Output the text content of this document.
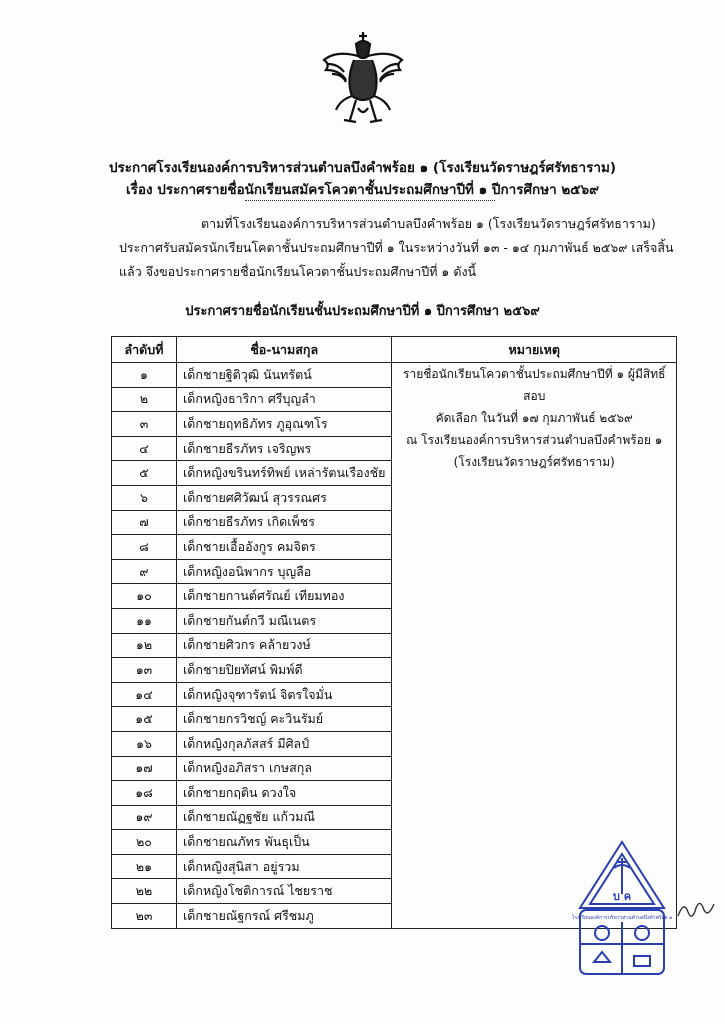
ประกาศโรงเรียนองค์การบริหารส่วนตำบลบึงคำพร้อย ๑ (โรงเรียนวัดราษฎร์ศรัทธาราม)
เรื่อง ประกาศรายชื่อนักเรียนสมัครโควตาชั้นประถมศึกษาปีที่ ๑ ปีการศึกษา ๒๕๖๙
ตามที่โรงเรียนองค์การบริหารส่วนตำบลบึงคำพร้อย ๑ (โรงเรียนวัดราษฎร์ศรัทธาราม)
ประกาศรับสมัครนักเรียนโคตาชั้นประถมศึกษาปีที่ ๑ ในระหว่างวันที่ ๑๓ - ๑๔ กุมภาพันธ์ ๒๕๖๙ เสร็จสิ้น
แล้ว จึงขอประกาศรายชื่อนักเรียนโควตาชั้นประถมศึกษาปีที่ ๑ ดังนี้
ประกาศรายชื่อนักเรียนชั้นประถมศึกษาปีที่ ๑ ปีการศึกษา ๒๕๖๙
ลำดับที่	ชื่อ-นามสกุล	หมายเหตุ
๑	เด็กชายฐิติวุฒิ นันทรัตน์	รายชื่อนักเรียนโควตาชั้นประถมศึกษาปีที่ ๑ ผู้มีสิทธิ์สอบ
คัดเลือก ในวันที่ ๑๗ กุมภาพันธ์ ๒๕๖๙
ณ โรงเรียนองค์การบริหารส่วนตำบลบึงคำพร้อย ๑
(โรงเรียนวัดราษฎร์ศรัทธาราม)

๒	เด็กหญิงธาริกา ศรีบุญลำ	
๓	เด็กชายฤทธิภัทร ภูอุณฑโร	
๔	เด็กชายธีรภัทร เจริญพร	
๕	เด็กหญิงขรินทร์ทิพย์ เหล่ารัตนเรืองชัย	
๖	เด็กชายศศิวัฒน์ สุวรรณศร	
๗	เด็กชายธีรภัทร เกิดเพ็ชร	
๘	เด็กชายเอื้ออังกูร คมจิตร	
๙	เด็กหญิงอนิพากร บุญลือ	
๑๐	เด็กชายกานต์ศรัณย์ เทียมทอง	
๑๑	เด็กชายกันต์กวี มณีเนตร	
๑๒	เด็กชายศิวกร คล้ายวงษ์	
๑๓	เด็กชายปิยทัศน์ พิมพ์ดี	
๑๔	เด็กหญิงจุฑารัตน์ จิตรใจมั่น	
๑๕	เด็กชายกรวิชญ์ คะวินรัมย์	
๑๖	เด็กหญิงกุลภัสสร์ มีศิลป์	
๑๗	เด็กหญิงอภิสรา เกษสกุล	
๑๘	เด็กชายกฤติน ดวงใจ	
๑๙	เด็กชายณัฏฐชัย แก้วมณี	
๒๐	เด็กชายณภัทร พันธุเป็น	
๒๑	เด็กหญิงสุนิสา อยู่รวม	
๒๒	เด็กหญิงโชติการณ์ ไชยราช	
๒๓	เด็กชายณัฐกรณ์ ศรีชมภู	
บ ค
โรงเรียนองค์การบริหารส่วนตำบลบึงคำพร้อย ๑
